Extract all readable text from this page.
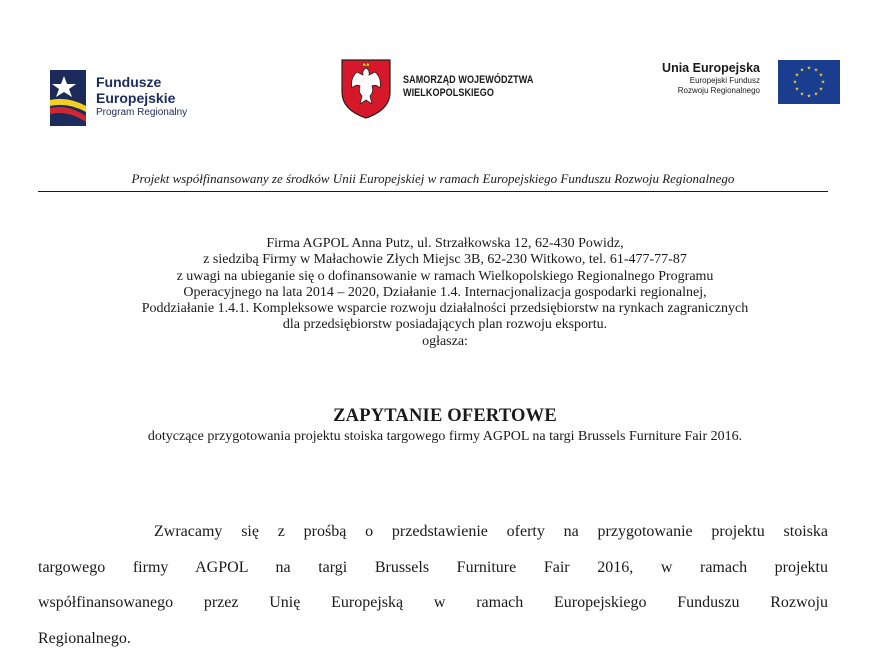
Fundusze
Europejskie
Program Regionalny
SAMORZĄD WOJEWÓDZTWA
WIELKOPOLSKIEGO
Unia Europejska
Europejski Fundusz
Rozwoju Regionalnego
★ ★
★
★
★
★
★
★
★
★
★
★
Projekt współfinansowany ze środków Unii Europejskiej w ramach Europejskiego Funduszu Rozwoju Regionalnego
Firma AGPOL Anna Putz, ul. Strzałkowska 12, 62-430 Powidz,
z siedzibą Firmy w Małachowie Złych Miejsc 3B, 62-230 Witkowo, tel. 61-477-77-87
z uwagi na ubieganie się o dofinansowanie w ramach Wielkopolskiego Regionalnego Programu
Operacyjnego na lata 2014 – 2020, Działanie 1.4. Internacjonalizacja gospodarki regionalnej,
Poddziałanie 1.4.1. Kompleksowe wsparcie rozwoju działalności przedsiębiorstw na rynkach zagranicznych
dla przedsiębiorstw posiadających plan rozwoju eksportu.
ogłasza:
ZAPYTANIE OFERTOWE
dotyczące przygotowania projektu stoiska targowego firmy AGPOL na targi Brussels Furniture Fair 2016.
Zwracamy się z prośbą o przedstawienie oferty na przygotowanie projektu stoiska
targowego firmy AGPOL na targi Brussels Furniture Fair 2016, w ramach projektu
współfinansowanego przez Unię Europejską w ramach Europejskiego Funduszu Rozwoju
Regionalnego.
